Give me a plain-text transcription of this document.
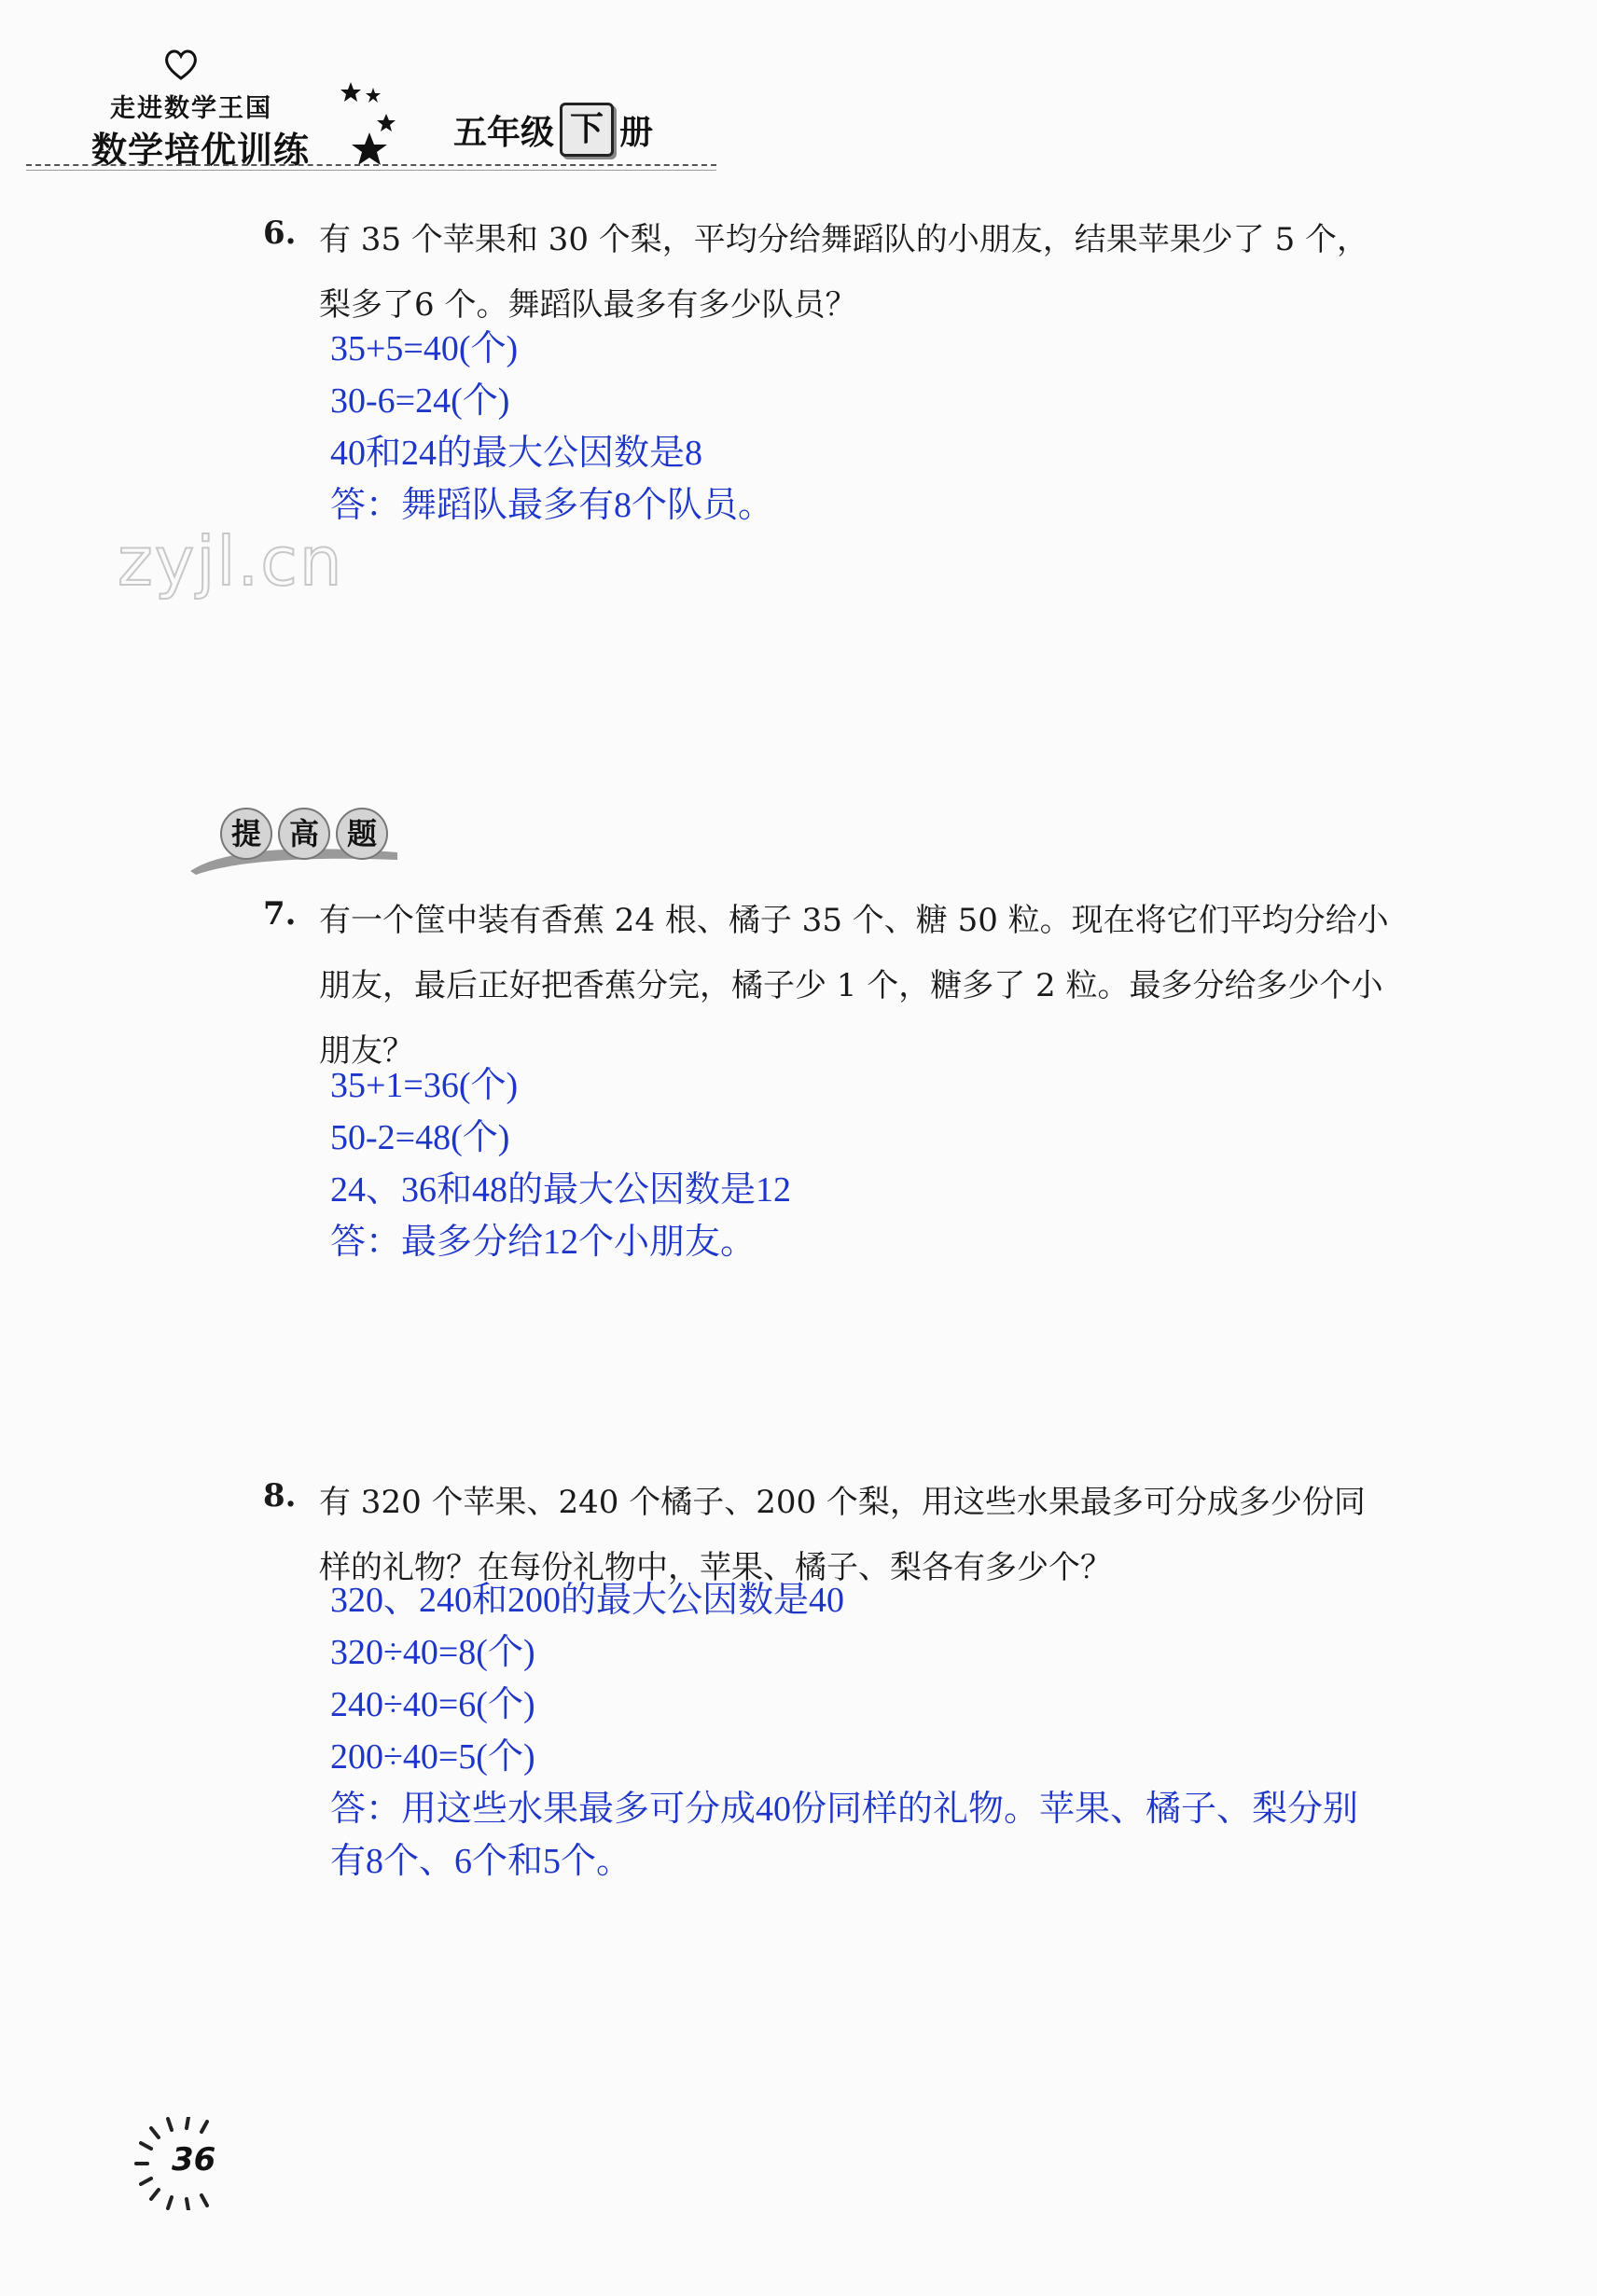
走进数学王国
数学培优训练	五年级 下 册
zyjl.cn
6. 有 35 个苹果和 30 个梨，平均分给舞蹈队的小朋友，结果苹果少了 5 个，
梨多了6 个。舞蹈队最多有多少队员？
35+5=40(个)
30-6=24(个)
40和24的最大公因数是8
答：舞蹈队最多有8个队员。
提 高 题
7. 有一个筐中装有香蕉 24 根、橘子 35 个、糖 50 粒。现在将它们平均分给小
朋友，最后正好把香蕉分完，橘子少 1 个，糖多了 2 粒。最多分给多少个小
朋友？
35+1=36(个)
50-2=48(个)
24、36和48的最大公因数是12
答：最多分给12个小朋友。
8. 有 320 个苹果、240 个橘子、200 个梨，用这些水果最多可分成多少份同
样的礼物？在每份礼物中，苹果、橘子、梨各有多少个？
320、240和200的最大公因数是40
320÷40=8(个)
240÷40=6(个)
200÷40=5(个)
答：用这些水果最多可分成40份同样的礼物。苹果、橘子、梨分别
有8个、6个和5个。
36
